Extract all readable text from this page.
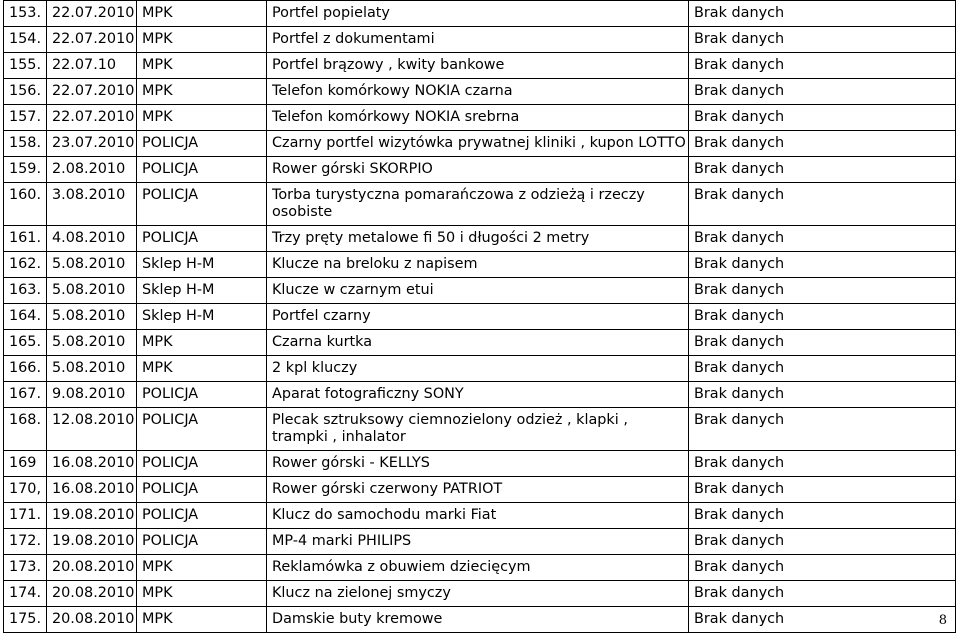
153.	22.07.2010	MPK	Portfel popielaty	Brak danych
154.	22.07.2010	MPK	Portfel z dokumentami	Brak danych
155.	22.07.10	MPK	Portfel brązowy , kwity bankowe	Brak danych
156.	22.07.2010	MPK	Telefon komórkowy NOKIA czarna	Brak danych
157.	22.07.2010	MPK	Telefon komórkowy NOKIA srebrna	Brak danych
158.	23.07.2010	POLICJA	Czarny portfel wizytówka prywatnej kliniki , kupon LOTTO	Brak danych
159.	2.08.2010	POLICJA	Rower górski SKORPIO	Brak danych
160.	3.08.2010	POLICJA	Torba turystyczna pomarańczowa z odzieżą i rzeczy osobiste	Brak danych
161.	4.08.2010	POLICJA	Trzy pręty metalowe fi 50 i długości 2 metry	Brak danych
162.	5.08.2010	Sklep H-M	Klucze na breloku z napisem	Brak danych
163.	5.08.2010	Sklep H-M	Klucze w czarnym etui	Brak danych
164.	5.08.2010	Sklep H-M	Portfel czarny	Brak danych
165.	5.08.2010	MPK	Czarna kurtka	Brak danych
166.	5.08.2010	MPK	2 kpl kluczy	Brak danych
167.	9.08.2010	POLICJA	Aparat fotograficzny SONY	Brak danych
168.	12.08.2010	POLICJA	Plecak sztruksowy ciemnozielony odzież , klapki , trampki , inhalator	Brak danych
169	16.08.2010	POLICJA	Rower górski - KELLYS	Brak danych
170,	16.08.2010	POLICJA	Rower górski czerwony PATRIOT	Brak danych
171.	19.08.2010	POLICJA	Klucz do samochodu marki Fiat	Brak danych
172.	19.08.2010	POLICJA	MP-4 marki PHILIPS	Brak danych
173.	20.08.2010	MPK	Reklamówka z obuwiem dziecięcym	Brak danych
174.	20.08.2010	MPK	Klucz na zielonej smyczy	Brak danych
175.	20.08.2010	MPK	Damskie buty kremowe	Brak danych	8
